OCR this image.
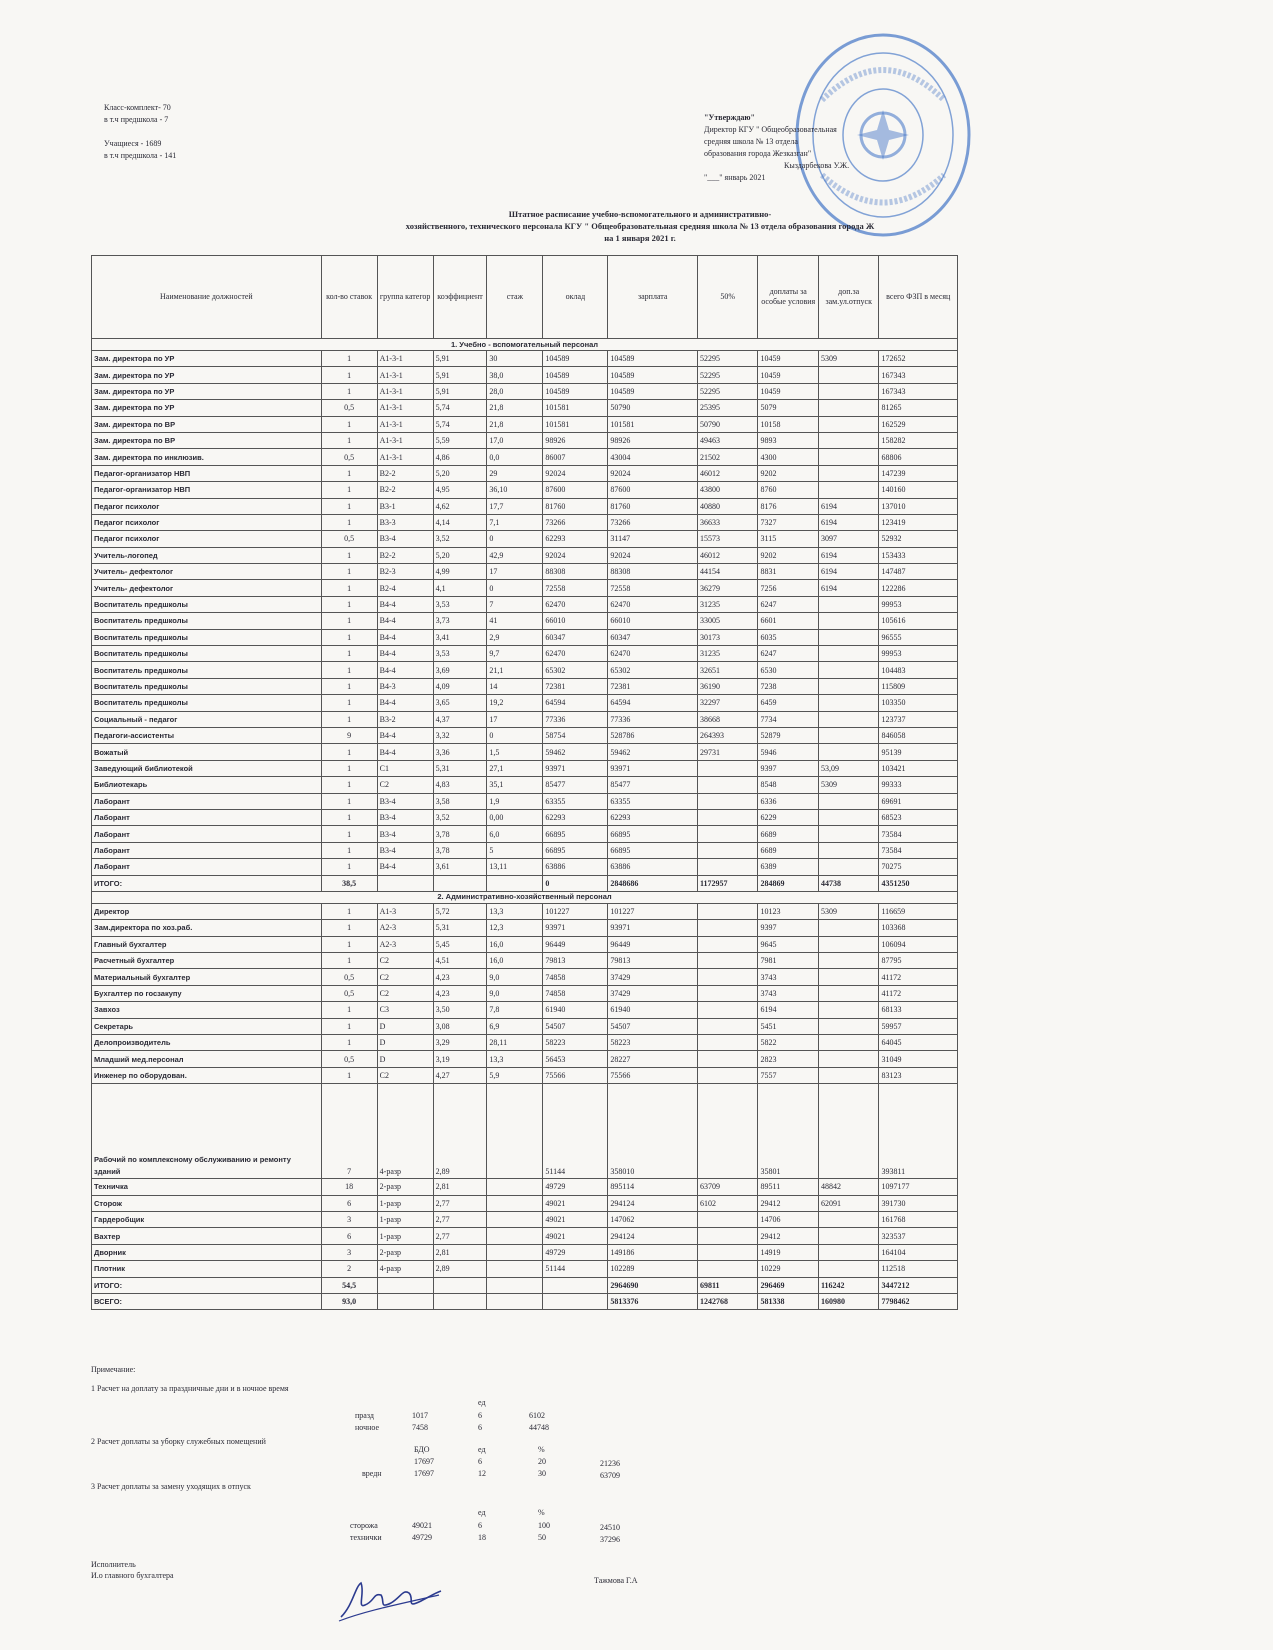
Класс-комплект- 70
в т.ч предшкола - 7
Учащиеся - 1689
в т.ч предшкола - 141
"Утверждаю"
Директор КГУ " Общеобразовательная
средняя школа № 13 отдела
образования города Жезказган"
Кыздарбекова У.Ж.
"___" январь 2021
Штатное расписание учебно-вспомогательного и административно-
хозяйственного, технического персонала КГУ " Общеобразовательная средняя школа № 13 отдела образования города Ж
на 1 января 2021 г.
Наименование должностей	кол-во ставок	группа категор	коэффициент	стаж	оклад	зарплата	50%	доплаты за особые условия	доп.за зам.ул.отпуск	всего ФЗП в месяц
1. Учебно - вспомогательный персонал										
Зам. директора по УР	1	A1-3-1	5,91	30	104589	104589	52295	10459	5309	172652
Зам. директора по УР	1	A1-3-1	5,91	38,0	104589	104589	52295	10459		167343
Зам. директора по УР	1	A1-3-1	5,91	28,0	104589	104589	52295	10459		167343
Зам. директора по УР	0,5	A1-3-1	5,74	21,8	101581	50790	25395	5079		81265
Зам. директора по ВР	1	A1-3-1	5,74	21,8	101581	101581	50790	10158		162529
Зам. директора по ВР	1	A1-3-1	5,59	17,0	98926	98926	49463	9893		158282
Зам. директора по инклюзив.	0,5	A1-3-1	4,86	0,0	86007	43004	21502	4300		68806
Педагог-организатор НВП	1	B2-2	5,20	29	92024	92024	46012	9202		147239
Педагог-организатор НВП	1	B2-2	4,95	36,10	87600	87600	43800	8760		140160
Педагог психолог	1	B3-1	4,62	17,7	81760	81760	40880	8176	6194	137010
Педагог психолог	1	B3-3	4,14	7,1	73266	73266	36633	7327	6194	123419
Педагог психолог	0,5	B3-4	3,52	0	62293	31147	15573	3115	3097	52932
Учитель-логопед	1	B2-2	5,20	42,9	92024	92024	46012	9202	6194	153433
Учитель- дефектолог	1	B2-3	4,99	17	88308	88308	44154	8831	6194	147487
Учитель- дефектолог	1	B2-4	4,1	0	72558	72558	36279	7256	6194	122286
Воспитатель предшколы	1	B4-4	3,53	7	62470	62470	31235	6247		99953
Воспитатель предшколы	1	B4-4	3,73	41	66010	66010	33005	6601		105616
Воспитатель предшколы	1	B4-4	3,41	2,9	60347	60347	30173	6035		96555
Воспитатель предшколы	1	B4-4	3,53	9,7	62470	62470	31235	6247		99953
Воспитатель предшколы	1	B4-4	3,69	21,1	65302	65302	32651	6530		104483
Воспитатель предшколы	1	B4-3	4,09	14	72381	72381	36190	7238		115809
Воспитатель предшколы	1	B4-4	3,65	19,2	64594	64594	32297	6459		103350
Социальный - педагог	1	B3-2	4,37	17	77336	77336	38668	7734		123737
Педагоги-ассистенты	9	B4-4	3,32	0	58754	528786	264393	52879		846058
Вожатый	1	B4-4	3,36	1,5	59462	59462	29731	5946		95139
Заведующий библиотекой	1	C1	5,31	27,1	93971	93971		9397	53,09	103421
Библиотекарь	1	C2	4,83	35,1	85477	85477		8548	5309	99333
Лаборант	1	B3-4	3,58	1,9	63355	63355		6336		69691
Лаборант	1	B3-4	3,52	0,00	62293	62293		6229		68523
Лаборант	1	B3-4	3,78	6,0	66895	66895		6689		73584
Лаборант	1	B3-4	3,78	5	66895	66895		6689		73584
Лаборант	1	B4-4	3,61	13,11	63886	63886		6389		70275
ИТОГО:	38,5				0	2848686	1172957	284869	44738	4351250
2. Административно-хозяйственный персонал										
Директор	1	A1-3	5,72	13,3	101227	101227		10123	5309	116659
Зам.директора по хоз.раб.	1	A2-3	5,31	12,3	93971	93971		9397		103368
Главный бухгалтер	1	A2-3	5,45	16,0	96449	96449		9645		106094
Расчетный бухгалтер	1	C2	4,51	16,0	79813	79813		7981		87795
Материальный бухгалтер	0,5	C2	4,23	9,0	74858	37429		3743		41172
Бухгалтер по госзакупу	0,5	C2	4,23	9,0	74858	37429		3743		41172
Завхоз	1	C3	3,50	7,8	61940	61940		6194		68133
Секретарь	1	D	3,08	6,9	54507	54507		5451		59957
Делопроизводитель	1	D	3,29	28,11	58223	58223		5822		64045
Младший мед.персонал	0,5	D	3,19	13,3	56453	28227		2823		31049
Инженер по оборудован.	1	C2	4,27	5,9	75566	75566		7557		83123
Рабочий по комплексному обслуживанию и ремонту зданий	7	4-разр	2,89		51144	358010		35801		393811
Техничка	18	2-разр	2,81		49729	895114	63709	89511	48842	1097177
Сторож	6	1-разр	2,77		49021	294124	6102	29412	62091	391730
Гардеробщик	3	1-разр	2,77		49021	147062		14706		161768
Вахтер	6	1-разр	2,77		49021	294124		29412		323537
Дворник	3	2-разр	2,81		49729	149186		14919		164104
Плотник	2	4-разр	2,89		51144	102289		10229		112518
ИТОГО:	54,5					2964690	69811	296469	116242	3447212
ВСЕГО:	93,0					5813376	1242768	581338	160980	7798462
Примечание:
1 Расчет на доплату за праздничные дни и в ночное время
ед
празд	1017	6	6102
ночное	7458	6	44748
2 Расчет доплаты за уборку служебных помещений
БДО	ед	%
17697	6	20	21236
вредн	17697	12	30	63709
3 Расчет доплаты за замену уходящих в отпуск
ед	%
сторожа	49021	6	100	24510
технички	49729	18	50	37296
Исполнитель
И.о главного бухгалтера
Тажмова Г.А
